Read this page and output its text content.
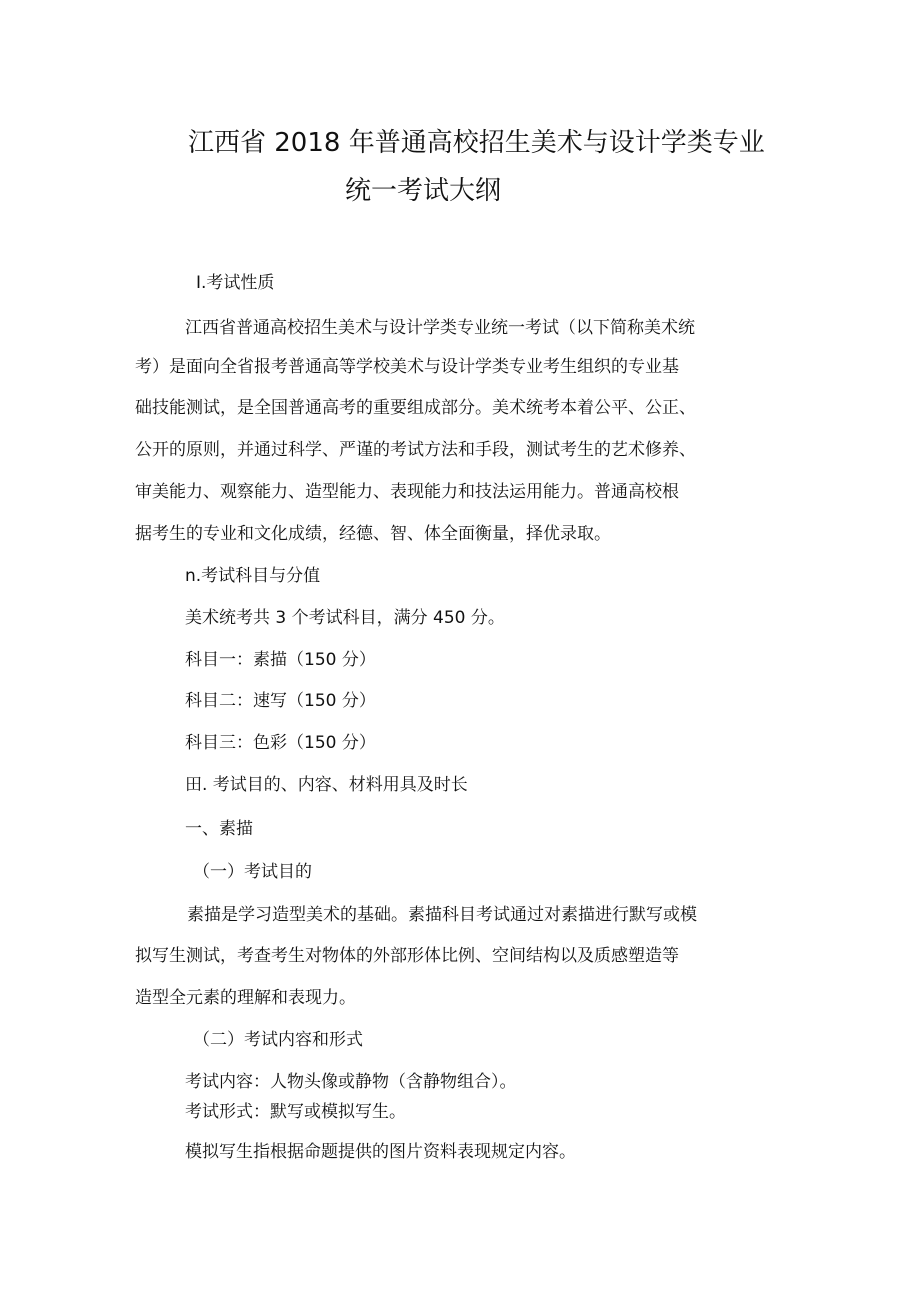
江西省 2018 年普通高校招生美术与设计学类专业
统一考试大纲
I.考试性质
江西省普通高校招生美术与设计学类专业统一考试（以下简称美术统
考）是面向全省报考普通高等学校美术与设计学类专业考生组织的专业基
础技能测试，是全国普通高考的重要组成部分。美术统考本着公平、公正、
公开的原则，并通过科学、严谨的考试方法和手段，测试考生的艺术修养、
审美能力、观察能力、造型能力、表现能力和技法运用能力。普通高校根
据考生的专业和文化成绩，经德、智、体全面衡量，择优录取。
n.考试科目与分值
美术统考共 3 个考试科目，满分 450 分。
科目一：素描（150 分）
科目二：速写（150 分）
科目三：色彩（150 分）
田. 考试目的、内容、材料用具及时长
一、素描
（一）考试目的
素描是学习造型美术的基础。素描科目考试通过对素描进行默写或模
拟写生测试，考查考生对物体的外部形体比例、空间结构以及质感塑造等
造型全元素的理解和表现力。
（二）考试内容和形式
考试内容：人物头像或静物（含静物组合）。
考试形式：默写或模拟写生。
模拟写生指根据命题提供的图片资料表现规定内容。
